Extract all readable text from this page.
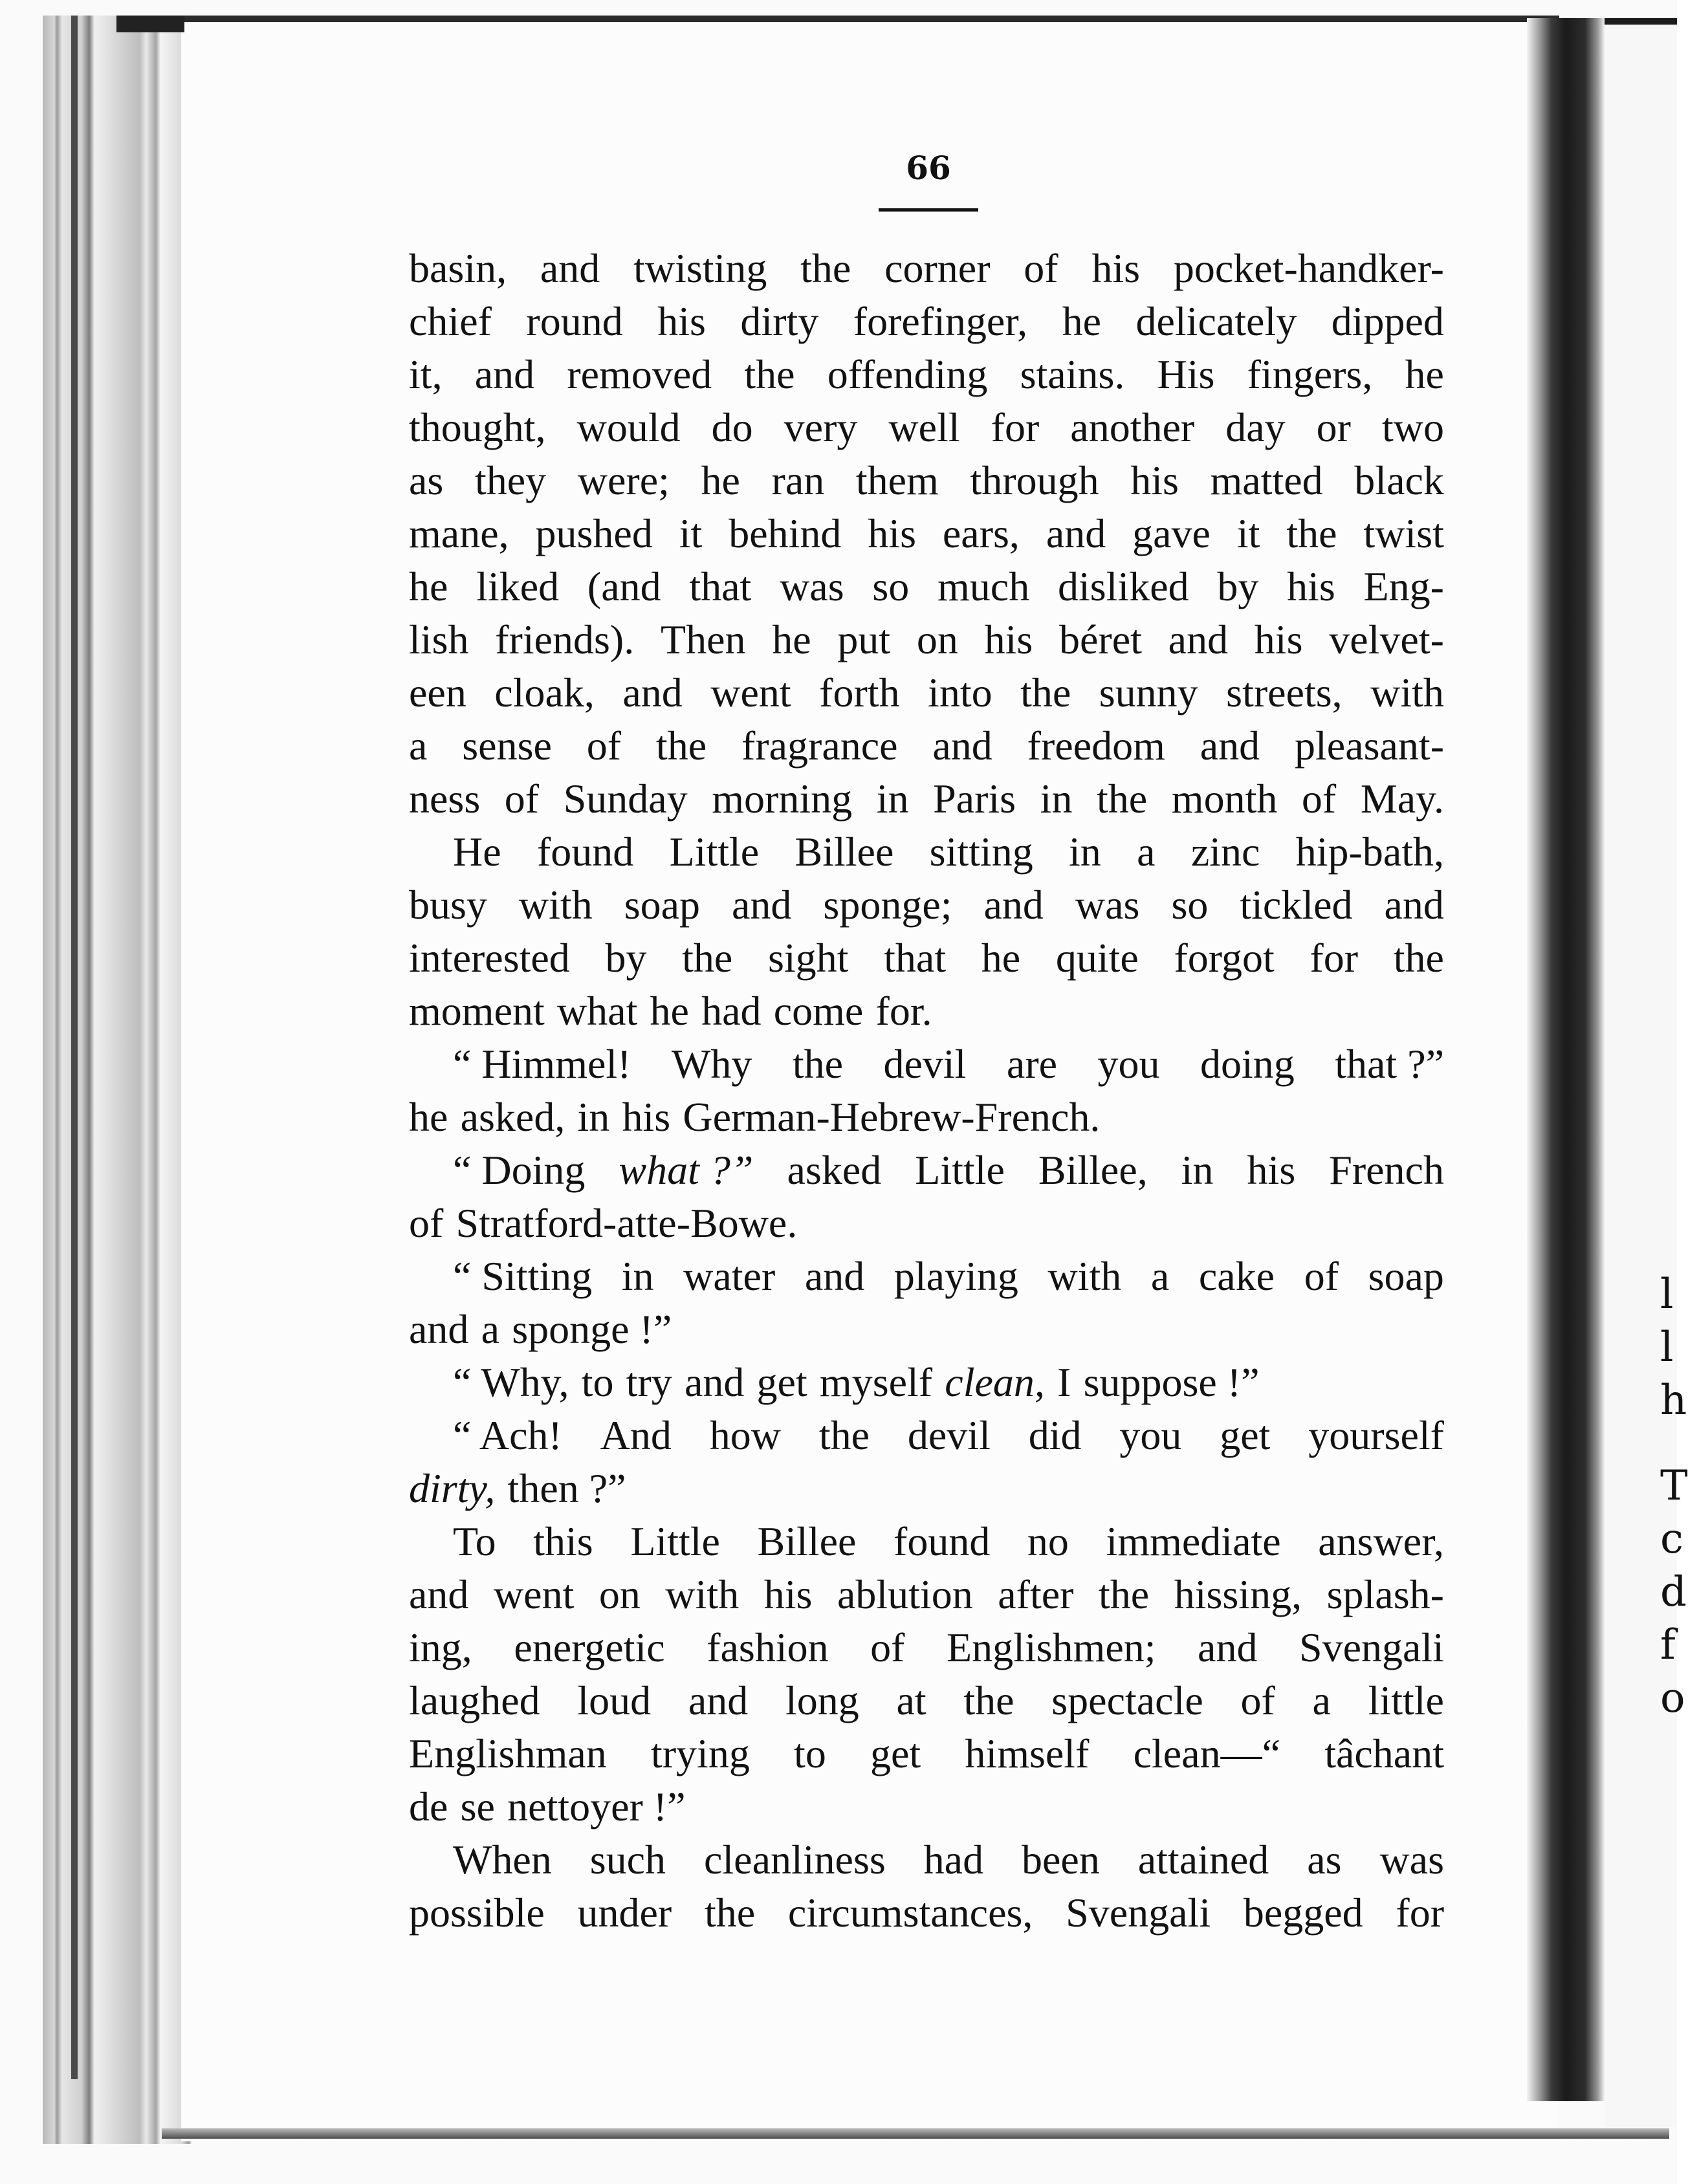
l
l
h
T
c
d
f
o
66
basin, and twisting the corner of his pocket-handker-
chief round his dirty forefinger, he delicately dipped
it, and removed the offending stains. His fingers, he
thought, would do very well for another day or two
as they were; he ran them through his matted black
mane, pushed it behind his ears, and gave it the twist
he liked (and that was so much disliked by his Eng-
lish friends). Then he put on his béret and his velvet-
een cloak, and went forth into the sunny streets, with
a sense of the fragrance and freedom and pleasant-
ness of Sunday morning in Paris in the month of May.
He found Little Billee sitting in a zinc hip-bath,
busy with soap and sponge; and was so tickled and
interested by the sight that he quite forgot for the
moment what he had come for.
“ Himmel! Why the devil are you doing that ?”
he asked, in his German-Hebrew-French.
“ Doing what ?” asked Little Billee, in his French
of Stratford-atte-Bowe.
“ Sitting in water and playing with a cake of soap
and a sponge !”
“ Why, to try and get myself clean, I suppose !”
“ Ach! And how the devil did you get yourself
dirty, then ?”
To this Little Billee found no immediate answer,
and went on with his ablution after the hissing, splash-
ing, energetic fashion of Englishmen; and Svengali
laughed loud and long at the spectacle of a little
Englishman trying to get himself clean—“ tâchant
de se nettoyer !”
When such cleanliness had been attained as was
possible under the circumstances, Svengali begged for
